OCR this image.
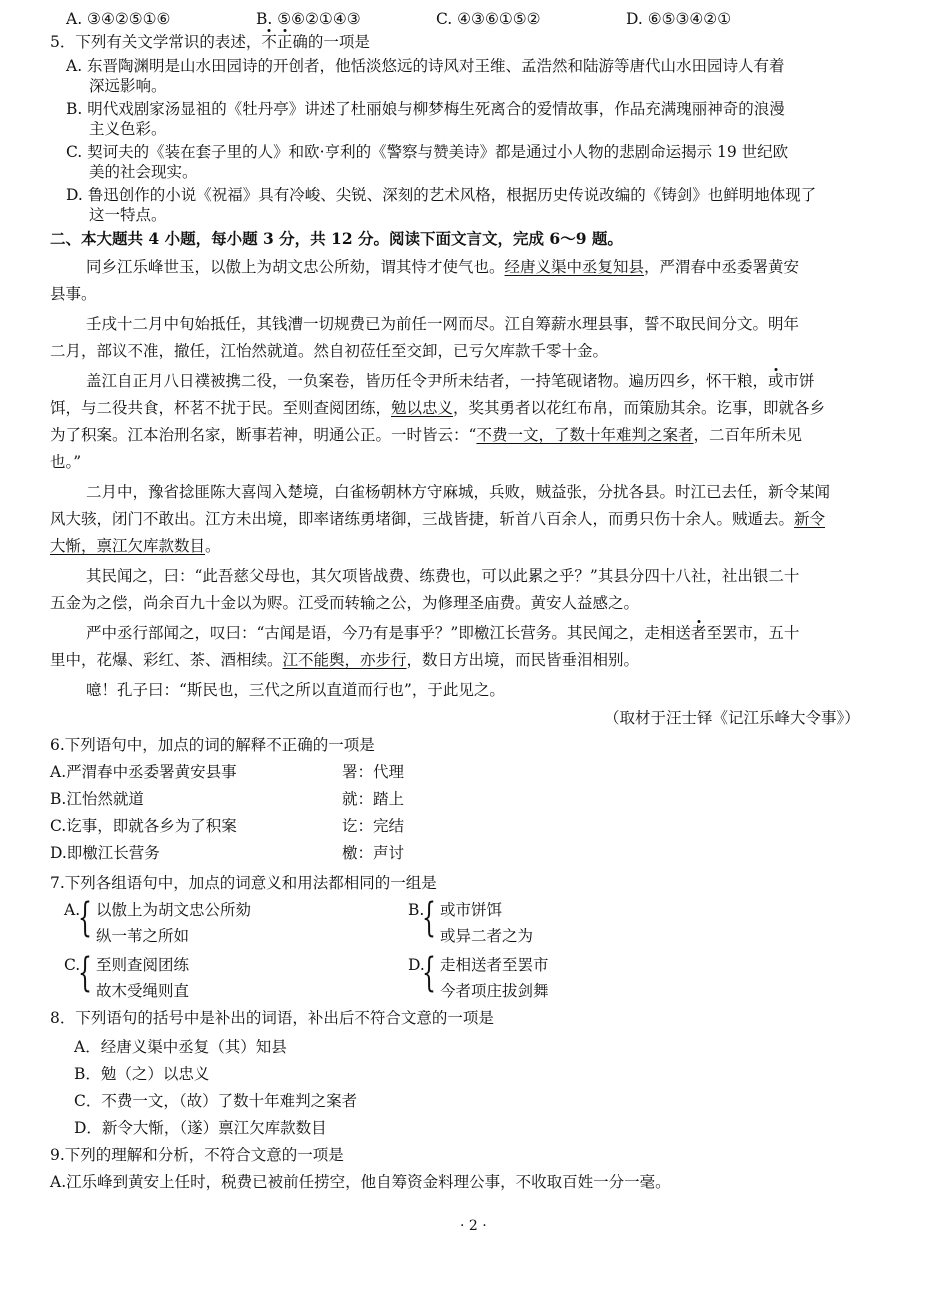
A. ③④②⑤①⑥	B. ⑤⑥②①④③	C. ④③⑥①⑤②	D. ⑥⑤③④②①
5．下列有关文学常识的表述，不正确的一项是
A. 东晋陶渊明是山水田园诗的开创者，他恬淡悠远的诗风对王维、孟浩然和陆游等唐代山水田园诗人有着
深远影响。
B. 明代戏剧家汤显祖的《牡丹亭》讲述了杜丽娘与柳梦梅生死离合的爱情故事，作品充满瑰丽神奇的浪漫
主义色彩。
C. 契诃夫的《装在套子里的人》和欧·亨利的《警察与赞美诗》都是通过小人物的悲剧命运揭示 19 世纪欧
美的社会现实。
D. 鲁迅创作的小说《祝福》具有冷峻、尖锐、深刻的艺术风格，根据历史传说改编的《铸剑》也鲜明地体现了
这一特点。
二、本大题共 4 小题，每小题 3 分，共 12 分。阅读下面文言文，完成 6～9 题。
同乡江乐峰世玉，以傲上为胡文忠公所劾，谓其恃才使气也。经唐义渠中丞复知县，严渭春中丞委署黄安
县事。
壬戌十二月中旬始抵任，其钱漕一切规费已为前任一网而尽。江自筹薪水理县事，誓不取民间分文。明年
二月，部议不准，撤任，江怡然就道。然自初莅任至交卸，已亏欠库款千零十金。
盖江自正月八日襆被携二役，一负案卷，皆历任令尹所未结者，一持笔砚诸物。遍历四乡，怀干粮，或市饼
饵，与二役共食，杯茗不扰于民。至则查阅团练，勉以忠义，奖其勇者以花红布帛，而策励其余。讫事，即就各乡
为了积案。江本治刑名家，断事若神，明通公正。一时皆云：“不费一文，了数十年难判之案者，二百年所未见
也。”
二月中，豫省捻匪陈大喜闯入楚境，白雀杨朝林方守麻城，兵败，贼益张，分扰各县。时江已去任，新令某闻
风大骇，闭门不敢出。江方未出境，即率诸练勇堵御，三战皆捷，斩首八百余人，而勇只伤十余人。贼遁去。新令
大惭，禀江欠库款数目。
其民闻之，曰：“此吾慈父母也，其欠项皆战费、练费也，可以此累之乎？”其县分四十八社，社出银二十
五金为之偿，尚余百九十金以为赆。江受而转输之公，为修理圣庙费。黄安人益感之。
严中丞行部闻之，叹曰：“古闻是语，今乃有是事乎？”即檄江长营务。其民闻之，走相送者至罢市，五十
里中，花爆、彩红、茶、酒相续。江不能舆，亦步行，数日方出境，而民皆垂泪相别。
噫！孔子曰：“斯民也，三代之所以直道而行也”，于此见之。
（取材于汪士铎《记江乐峰大令事》）
6.下列语句中，加点的词的解释不正确的一项是
A.严渭春中丞委署黄安县事	署：代理
B.江怡然就道	就：踏上
C.讫事，即就各乡为了积案	讫：完结
D.即檄江长营务	檄：声讨
7.下列各组语句中，加点的词意义和用法都相同的一组是
A.
{ 以傲上为胡文忠公所劾
纵一苇之所如
B.
{ 或市饼饵
或异二者之为
C.
{ 至则查阅团练
故木受绳则直
D.
{ 走相送者至罢市
今者项庄拔剑舞
8．下列语句的括号中是补出的词语，补出后不符合文意的一项是
A．经唐义渠中丞复（其）知县
B．勉（之）以忠义
C．不费一文，（故）了数十年难判之案者
D．新令大惭，（遂）禀江欠库款数目
9.下列的理解和分析，不符合文意的一项是
A.江乐峰到黄安上任时，税费已被前任捞空，他自筹资金料理公事，不收取百姓一分一毫。
· 2 ·
